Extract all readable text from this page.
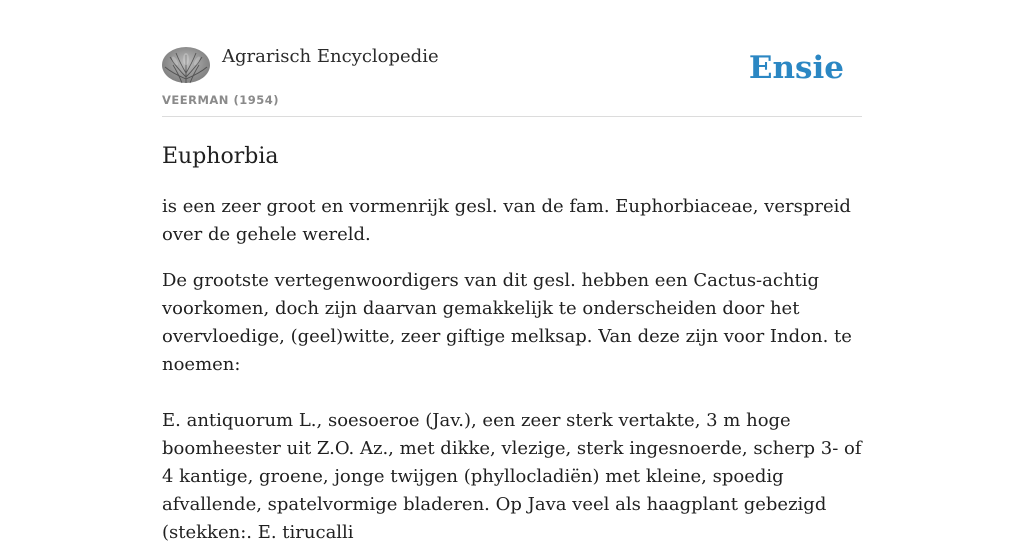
Agrarisch Encyclopedie
VEERMAN (1954)
Ensie
Euphorbia

is een zeer groot en vormenrijk gesl. van de fam. Euphorbiaceae, verspreid over de gehele wereld.

De grootste vertegenwoordigers van dit gesl. hebben een Cactus-achtig voorkomen, doch zijn daarvan gemakkelijk te onderscheiden door het overvloedige, (geel)witte, zeer giftige melksap. Van deze zijn voor Indon. te noemen:

E. antiquorum L., soesoeroe (Jav.), een zeer sterk vertakte, 3 m hoge boomheester uit Z.O. Az., met dikke, vlezige, sterk ingesnoerde, scherp 3- of 4 kantige, groene, jonge twijgen (phyllocladiën) met kleine, spoedig afvallende, spatelvormige bladeren. Op Java veel als haagplant gebezigd (stekken:. E. tirucalli
